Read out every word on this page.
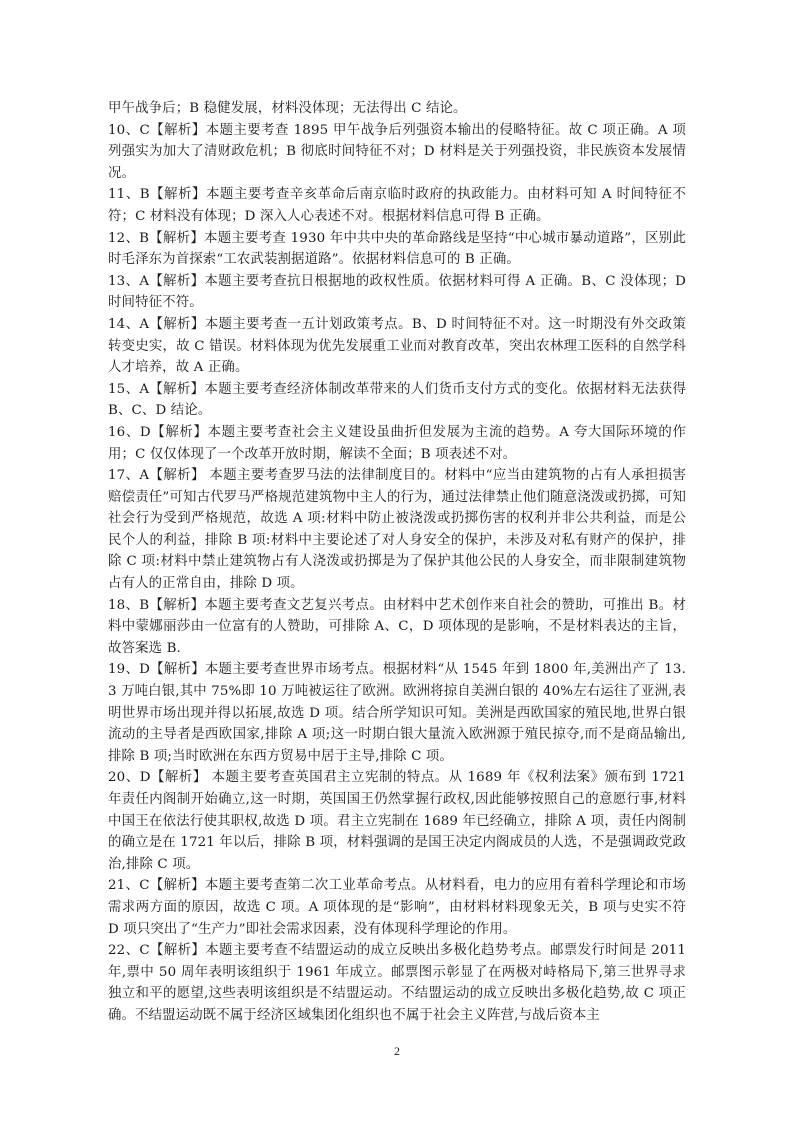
甲午战争后；B 稳健发展，材料没体现；无法得出 C 结论。

10、C【解析】本题主要考查 1895 甲午战争后列强资本输出的侵略特征。故 C 项正确。A 项列强实为加大了清财政危机；B 彻底时间特征不对；D 材料是关于列强投资，非民族资本发展情况。

11、B【解析】本题主要考查辛亥革命后南京临时政府的执政能力。由材料可知 A 时间特征不符；C 材料没有体现；D 深入人心表述不对。根据材料信息可得 B 正确。

12、B【解析】本题主要考查 1930 年中共中央的革命路线是坚持“中心城市暴动道路”，区别此时毛泽东为首探索“工农武装割据道路”。依据材料信息可的 B 正确。

13、A【解析】本题主要考查抗日根据地的政权性质。依据材料可得 A 正确。B、C 没体现；D 时间特征不符。

14、A【解析】本题主要考查一五计划政策考点。B、D 时间特征不对。这一时期没有外交政策转变史实，故 C 错误。材料体现为优先发展重工业而对教育改革，突出农林理工医科的自然学科人才培养，故 A 正确。

15、A【解析】本题主要考查经济体制改革带来的人们货币支付方式的变化。依据材料无法获得 B、C、D 结论。

16、D【解析】本题主要考查社会主义建设虽曲折但发展为主流的趋势。A 夸大国际环境的作用；C 仅仅体现了一个改革开放时期，解读不全面；B 项表述不对。

17、A【解析】 本题主要考查罗马法的法律制度目的。材料中“应当由建筑物的占有人承担损害赔偿责任”可知古代罗马严格规范建筑物中主人的行为，通过法律禁止他们随意浇泼或扔掷，可知社会行为受到严格规范，故选 A 项:材料中防止被浇泼或扔掷伤害的权利并非公共利益，而是公民个人的利益，排除 B 项:材料中主要论述了对人身安全的保护，未涉及对私有财产的保护，排除 C 项:材料中禁止建筑物占有人浇泼或扔掷是为了保护其他公民的人身安全，而非限制建筑物占有人的正常自由，排除 D 项。

18、B【解析】本题主要考查文艺复兴考点。由材料中艺术创作来自社会的赞助，可推出 B。材料中蒙娜丽莎由一位富有的人赞助，可排除 A、C，D 项体现的是影响，不是材料表达的主旨，故答案选 B.

19、D【解析】本题主要考查世界市场考点。根据材料“从 1545 年到 1800 年,美洲出产了 13.3 万吨白银,其中 75%即 10 万吨被运往了欧洲。欧洲将掠自美洲白银的 40%左右运往了亚洲,表明世界市场出现并得以拓展,故选 D 项。结合所学知识可知。美洲是西欧国家的殖民地,世界白银流动的主导者是西欧国家,排除 A 项;这一时期白银大量流入欧洲源于殖民掠夺,而不是商品输出,排除 B 项;当时欧洲在东西方贸易中居于主导,排除 C 项。

20、D【解析】 本题主要考查英国君主立宪制的特点。从 1689 年《权利法案》颁布到 1721 年责任内阁制开始确立,这一时期，英国国王仍然掌握行政权,因此能够按照自己的意愿行事,材料中国王在依法行使其职权,故选 D 项。君主立宪制在 1689 年已经确立，排除 A 项，责任内阁制的确立是在 1721 年以后，排除 B 项，材料强调的是国王决定内阁成员的人选，不是强调政党政治,排除 C 项。

21、C【解析】本题主要考查第二次工业革命考点。从材料看，电力的应用有着科学理论和市场需求两方面的原因，故选 C 项。A 项体现的是“影响”，由材料材料现象无关，B 项与史实不符 D 项只突出了“生产力”即社会需求因素，没有体现科学理论的作用。

22、C【解析】本题主要考查不结盟运动的成立反映出多极化趋势考点。邮票发行时间是 2011 年,票中 50 周年表明该组织于 1961 年成立。邮票图示彰显了在两极对峙格局下,第三世界寻求独立和平的愿望,这些表明该组织是不结盟运动。不结盟运动的成立反映出多极化趋势,故 C 项正确。不结盟运动既不属于经济区域集团化组织也不属于社会主义阵营,与战后资本主

2
